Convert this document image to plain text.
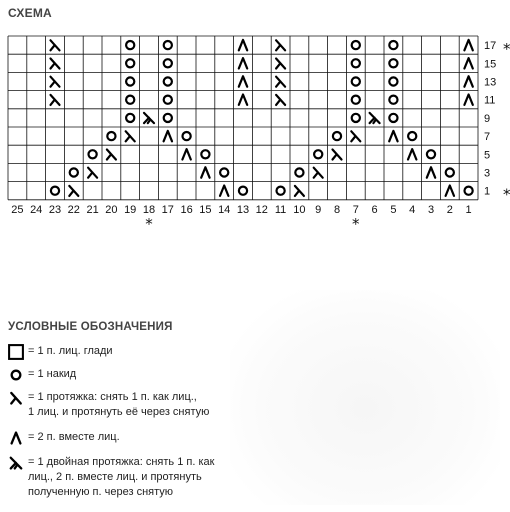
СХЕМА
25 24 23 22 21 20 19 18 17 16 15 14 13 12 11 10 9 8 7 6 5 4 3 2 1
17
15
13
11
9
7
5
3
1
*	*
*
*
УСЛОВНЫЕ ОБОЗНАЧЕНИЯ
= 1 п. лиц. глади
= 1 накид
= 1 протяжка: снять 1 п. как лиц.,
1 лиц. и протянуть её через снятую
= 2 п. вместе лиц.
= 1 двойная протяжка: снять 1 п. как
лиц., 2 п. вместе лиц. и протянуть
полученную п. через снятую
